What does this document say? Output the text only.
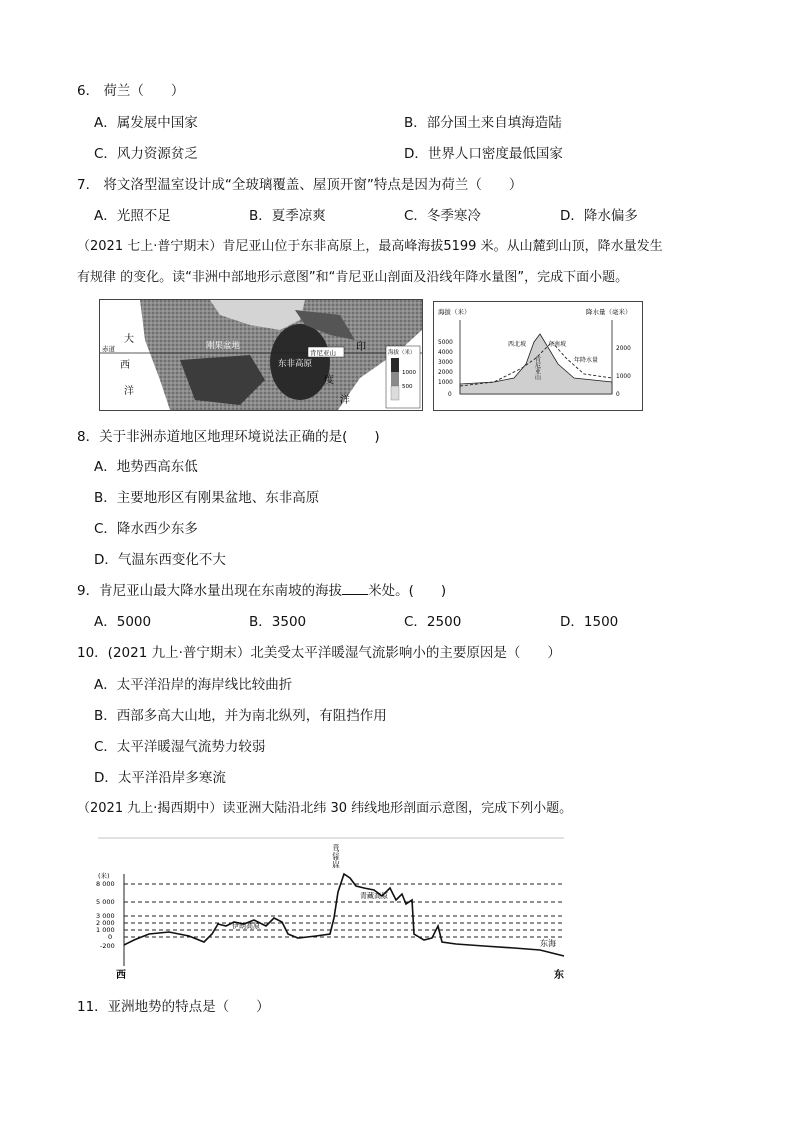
6． 荷兰（　　）
A．属发展中国家	B．部分国土来自填海造陆
C．风力资源贫乏	D．世界人口密度最低国家
7． 将文洛型温室设计成“全玻璃覆盖、屋顶开窗”特点是因为荷兰（　　）
A．光照不足	B．夏季凉爽	C．冬季寒冷	D．降水偏多
（2021 七上·普宁期末）肯尼亚山位于东非高原上，最高峰海拔5199 米。从山麓到山顶，降水量发生
有规律 的变化。读“非洲中部地形示意图”和“肯尼亚山剖面及沿线年降水量图”，完成下面小题。
赤道
大
西
洋
印
度
洋
刚果盆地
东非高原
肯尼亚山	海拔（米）
1000
500
海拔（米）	降水量（毫米）
5000
4000
3000
2000
1000
0
2000
1000
0
西北坡	东南坡
年降水量
肯尼亚山
8．关于非洲赤道地区地理环境说法正确的是(　　)
A．地势西高东低
B．主要地形区有刚果盆地、东非高原
C．降水西少东多
D．气温东西变化不大
9．肯尼亚山最大降水量出现在东南坡的海拔 米处。(　　)
A．5000	B．3500	C．2500	D．1500
10．(2021 九上·普宁期末）北美受太平洋暖湿气流影响小的主要原因是（　　）
A．太平洋沿岸的海岸线比较曲折
B．西部多高大山地，并为南北纵列，有阻挡作用
C．太平洋暖湿气流势力较弱
D．太平洋沿岸多寒流
（2021 九上·揭西期中）读亚洲大陆沿北纬 30 纬线地形剖面示意图，完成下列小题。
(米)
8 000
5 000
3 000
2 000
1 000
0
-200
喜马拉雅山脉
青藏高原
伊朗高原
东海
西	东
11．亚洲地势的特点是（　　）
